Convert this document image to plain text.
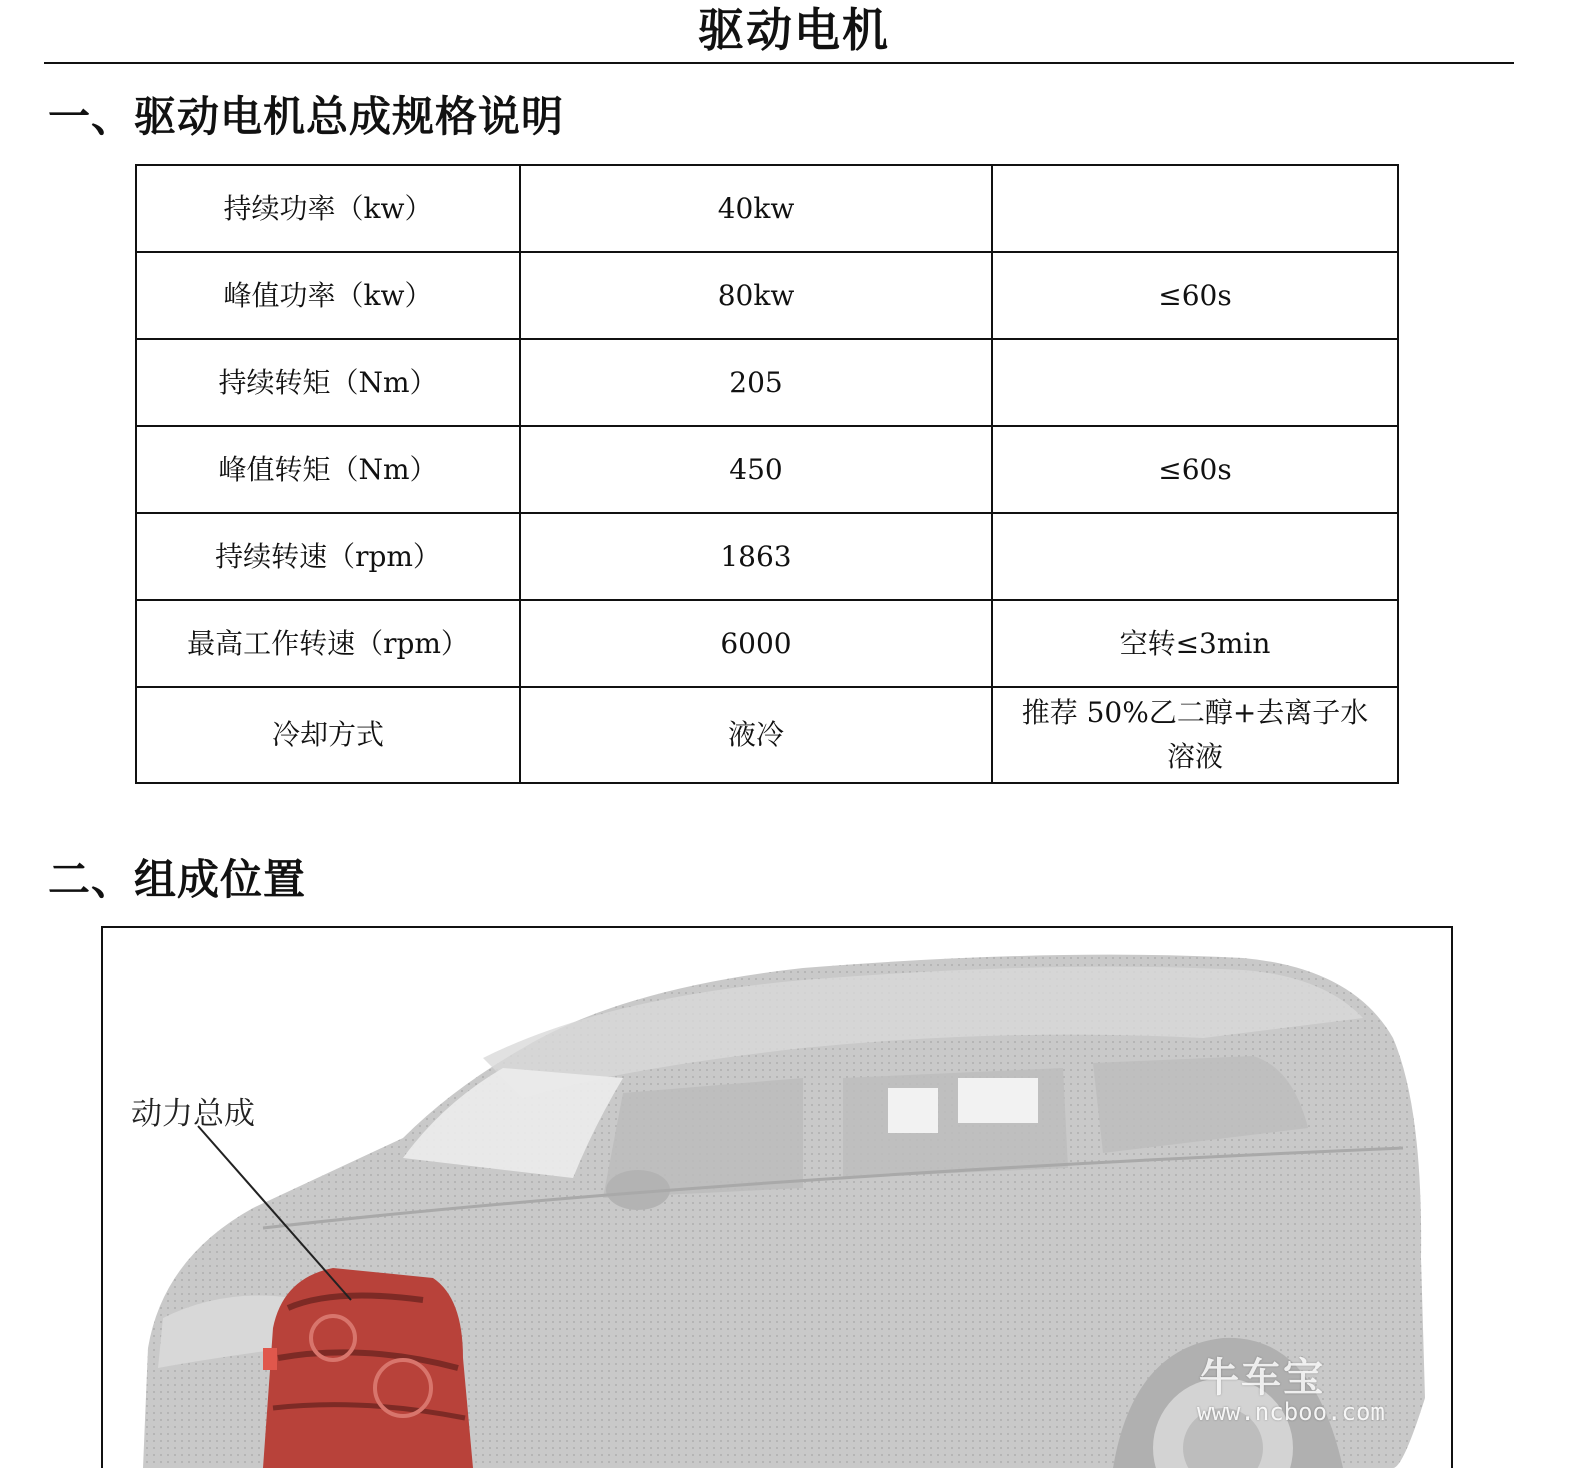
驱动电机
一、驱动电机总成规格说明
持续功率（kw）	40kw	
峰值功率（kw）	80kw	≤60s
持续转矩（Nm）	205	
峰值转矩（Nm）	450	≤60s
持续转速（rpm）	1863	
最高工作转速（rpm）	6000	空转≤3min
冷却方式	液冷	推荐 50%乙二醇+去离子水溶液
二、组成位置
动力总成
牛车宝
www.ncboo.com
